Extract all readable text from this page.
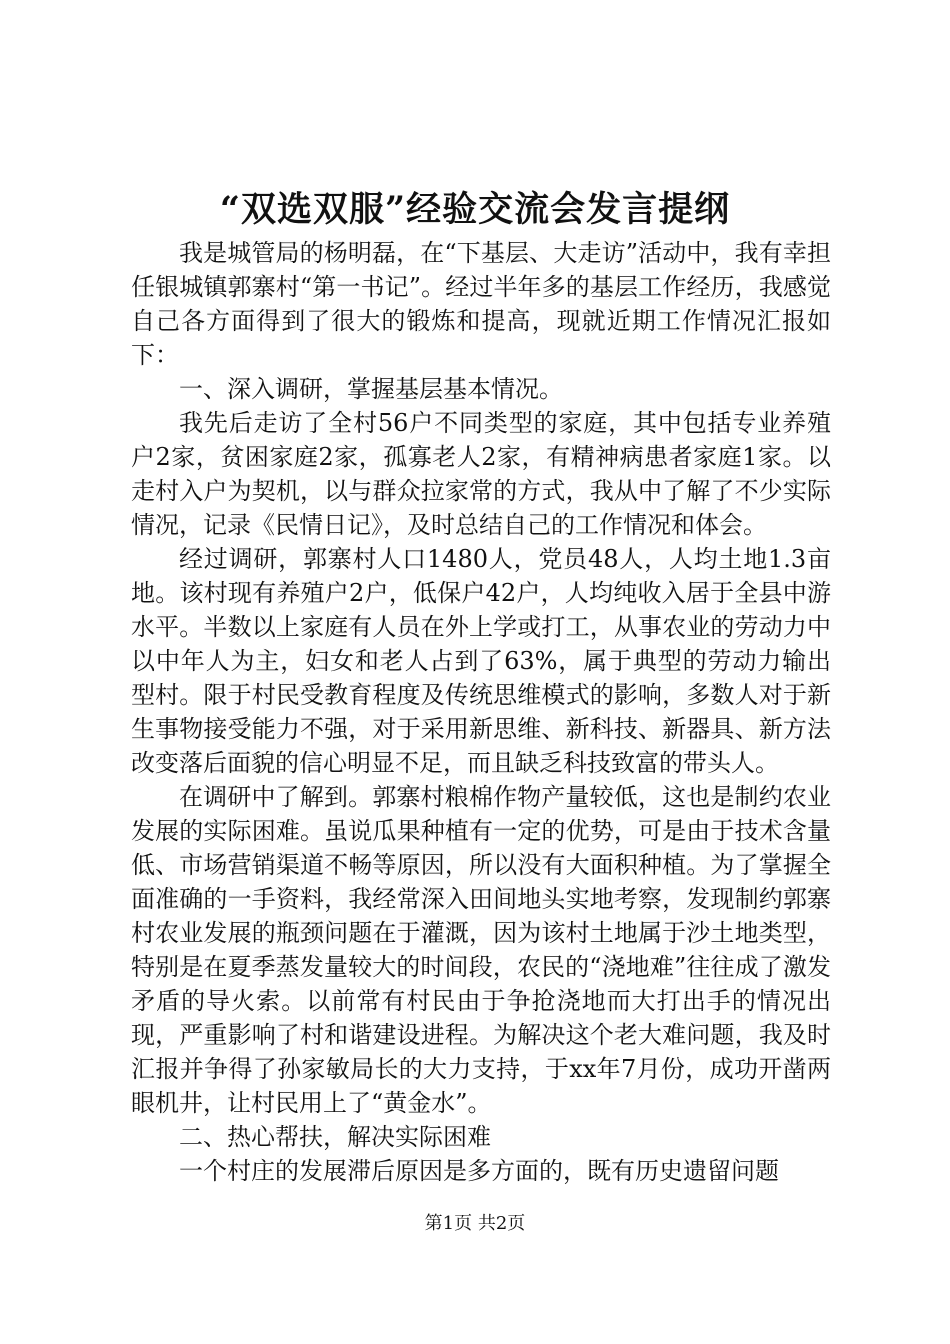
“双选双服”经验交流会发言提纲

我是城管局的杨明磊，在“下基层、大走访”活动中，我有幸担任银城镇郭寨村“第一书记”。经过半年多的基层工作经历，我感觉自己各方面得到了很大的锻炼和提高，现就近期工作情况汇报如下：

一、深入调研，掌握基层基本情况。

我先后走访了全村56户不同类型的家庭，其中包括专业养殖户2家，贫困家庭2家，孤寡老人2家，有精神病患者家庭1家。以走村入户为契机，以与群众拉家常的方式，我从中了解了不少实际情况，记录《民情日记》，及时总结自己的工作情况和体会。

经过调研，郭寨村人口1480人，党员48人，人均土地1.3亩地。该村现有养殖户2户，低保户42户，人均纯收入居于全县中游水平。半数以上家庭有人员在外上学或打工，从事农业的劳动力中以中年人为主，妇女和老人占到了63%，属于典型的劳动力输出型村。限于村民受教育程度及传统思维模式的影响，多数人对于新生事物接受能力不强，对于采用新思维、新科技、新器具、新方法改变落后面貌的信心明显不足，而且缺乏科技致富的带头人。

在调研中了解到。郭寨村粮棉作物产量较低，这也是制约农业发展的实际困难。虽说瓜果种植有一定的优势，可是由于技术含量低、市场营销渠道不畅等原因，所以没有大面积种植。为了掌握全面准确的一手资料，我经常深入田间地头实地考察，发现制约郭寨村农业发展的瓶颈问题在于灌溉，因为该村土地属于沙土地类型，特别是在夏季蒸发量较大的时间段，农民的“浇地难”往往成了激发矛盾的导火索。以前常有村民由于争抢浇地而大打出手的情况出现，严重影响了村和谐建设进程。为解决这个老大难问题，我及时汇报并争得了孙家敏局长的大力支持，于xx年7月份，成功开凿两眼机井，让村民用上了“黄金水”。

二、热心帮扶，解决实际困难

一个村庄的发展滞后原因是多方面的，既有历史遗留问题

第1页 共2页
